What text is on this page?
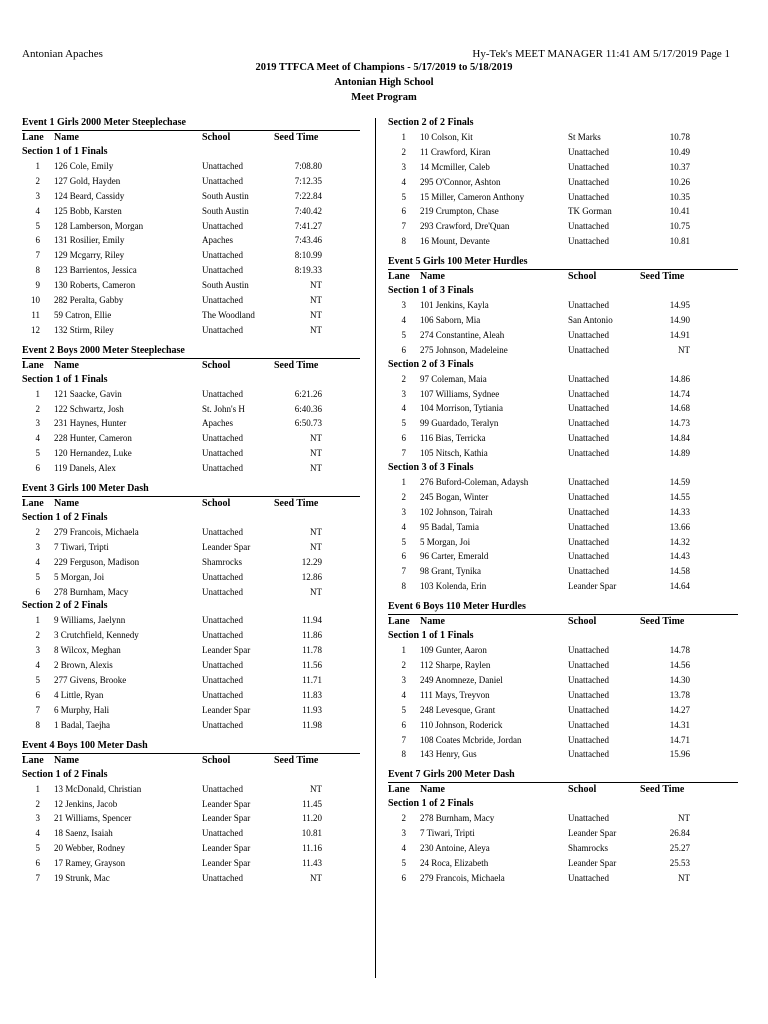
Antonian Apaches	Hy-Tek's MEET MANAGER 11:41 AM 5/17/2019 Page 1
2019 TTFCA Meet of Champions - 5/17/2019 to 5/18/2019
Antonian High School
Meet Program
Event 1 Girls 2000 Meter Steeplechase
Lane Name	School	Seed Time
Section 1 of 1 Finals
1 126 Cole, Emily	Unattached	7:08.80
2 127 Gold, Hayden	Unattached	7:12.35
3 124 Beard, Cassidy	South Austin	7:22.84
4 125 Bobb, Karsten	South Austin	7:40.42
5 128 Lamberson, Morgan	Unattached	7:41.27
6 131 Rosilier, Emily	Apaches	7:43.46
7 129 Mcgarry, Riley	Unattached	8:10.99
8 123 Barrientos, Jessica	Unattached	8:19.33
9 130 Roberts, Cameron	South Austin	NT
10 282 Peralta, Gabby	Unattached	NT
11 59 Catron, Ellie	The Woodland	NT
12 132 Stirm, Riley	Unattached	NT
Event 2 Boys 2000 Meter Steeplechase
Lane Name	School	Seed Time
Section 1 of 1 Finals
1 121 Saacke, Gavin	Unattached	6:21.26
2 122 Schwartz, Josh	St. John's H	6:40.36
3 231 Haynes, Hunter	Apaches	6:50.73
4 228 Hunter, Cameron	Unattached	NT
5 120 Hernandez, Luke	Unattached	NT
6 119 Danels, Alex	Unattached	NT
Event 3 Girls 100 Meter Dash
Lane Name	School	Seed Time
Section 1 of 2 Finals
2 279 Francois, Michaela	Unattached	NT
3 7 Tiwari, Tripti	Leander Spar	NT
4 229 Ferguson, Madison	Shamrocks	12.29
5 5 Morgan, Joi	Unattached	12.86
6 278 Burnham, Macy	Unattached	NT
Section 2 of 2 Finals
1 9 Williams, Jaelynn	Unattached	11.94
2 3 Crutchfield, Kennedy	Unattached	11.86
3 8 Wilcox, Meghan	Leander Spar	11.78
4 2 Brown, Alexis	Unattached	11.56
5 277 Givens, Brooke	Unattached	11.71
6 4 Little, Ryan	Unattached	11.83
7 6 Murphy, Hali	Leander Spar	11.93
8 1 Badal, Taejha	Unattached	11.98
Event 4 Boys 100 Meter Dash
Lane Name	School	Seed Time
Section 1 of 2 Finals
1 13 McDonald, Christian	Unattached	NT
2 12 Jenkins, Jacob	Leander Spar	11.45
3 21 Williams, Spencer	Leander Spar	11.20
4 18 Saenz, Isaiah	Unattached	10.81
5 20 Webber, Rodney	Leander Spar	11.16
6 17 Ramey, Grayson	Leander Spar	11.43
7 19 Strunk, Mac	Unattached	NT
Section 2 of 2 Finals
1 10 Colson, Kit	St Marks	10.78
2 11 Crawford, Kiran	Unattached	10.49
3 14 Mcmiller, Caleb	Unattached	10.37
4 295 O'Connor, Ashton	Unattached	10.26
5 15 Miller, Cameron Anthony	Unattached	10.35
6 219 Crumpton, Chase	TK Gorman	10.41
7 293 Crawford, Dre'Quan	Unattached	10.75
8 16 Mount, Devante	Unattached	10.81
Event 5 Girls 100 Meter Hurdles
Lane Name	School	Seed Time
Section 1 of 3 Finals
3 101 Jenkins, Kayla	Unattached	14.95
4 106 Saborn, Mia	San Antonio	14.90
5 274 Constantine, Aleah	Unattached	14.91
6 275 Johnson, Madeleine	Unattached	NT
Section 2 of 3 Finals
2 97 Coleman, Maia	Unattached	14.86
3 107 Williams, Sydnee	Unattached	14.74
4 104 Morrison, Tytiania	Unattached	14.68
5 99 Guardado, Teralyn	Unattached	14.73
6 116 Bias, Terricka	Unattached	14.84
7 105 Nitsch, Kathia	Unattached	14.89
Section 3 of 3 Finals
1 276 Buford-Coleman, Adaysh	Unattached	14.59
2 245 Bogan, Winter	Unattached	14.55
3 102 Johnson, Tairah	Unattached	14.33
4 95 Badal, Tamia	Unattached	13.66
5 5 Morgan, Joi	Unattached	14.32
6 96 Carter, Emerald	Unattached	14.43
7 98 Grant, Tynika	Unattached	14.58
8 103 Kolenda, Erin	Leander Spar	14.64
Event 6 Boys 110 Meter Hurdles
Lane Name	School	Seed Time
Section 1 of 1 Finals
1 109 Gunter, Aaron	Unattached	14.78
2 112 Sharpe, Raylen	Unattached	14.56
3 249 Anomneze, Daniel	Unattached	14.30
4 111 Mays, Treyvon	Unattached	13.78
5 248 Levesque, Grant	Unattached	14.27
6 110 Johnson, Roderick	Unattached	14.31
7 108 Coates Mcbride, Jordan	Unattached	14.71
8 143 Henry, Gus	Unattached	15.96
Event 7 Girls 200 Meter Dash
Lane Name	School	Seed Time
Section 1 of 2 Finals
2 278 Burnham, Macy	Unattached	NT
3 7 Tiwari, Tripti	Leander Spar	26.84
4 230 Antoine, Aleya	Shamrocks	25.27
5 24 Roca, Elizabeth	Leander Spar	25.53
6 279 Francois, Michaela	Unattached	NT
